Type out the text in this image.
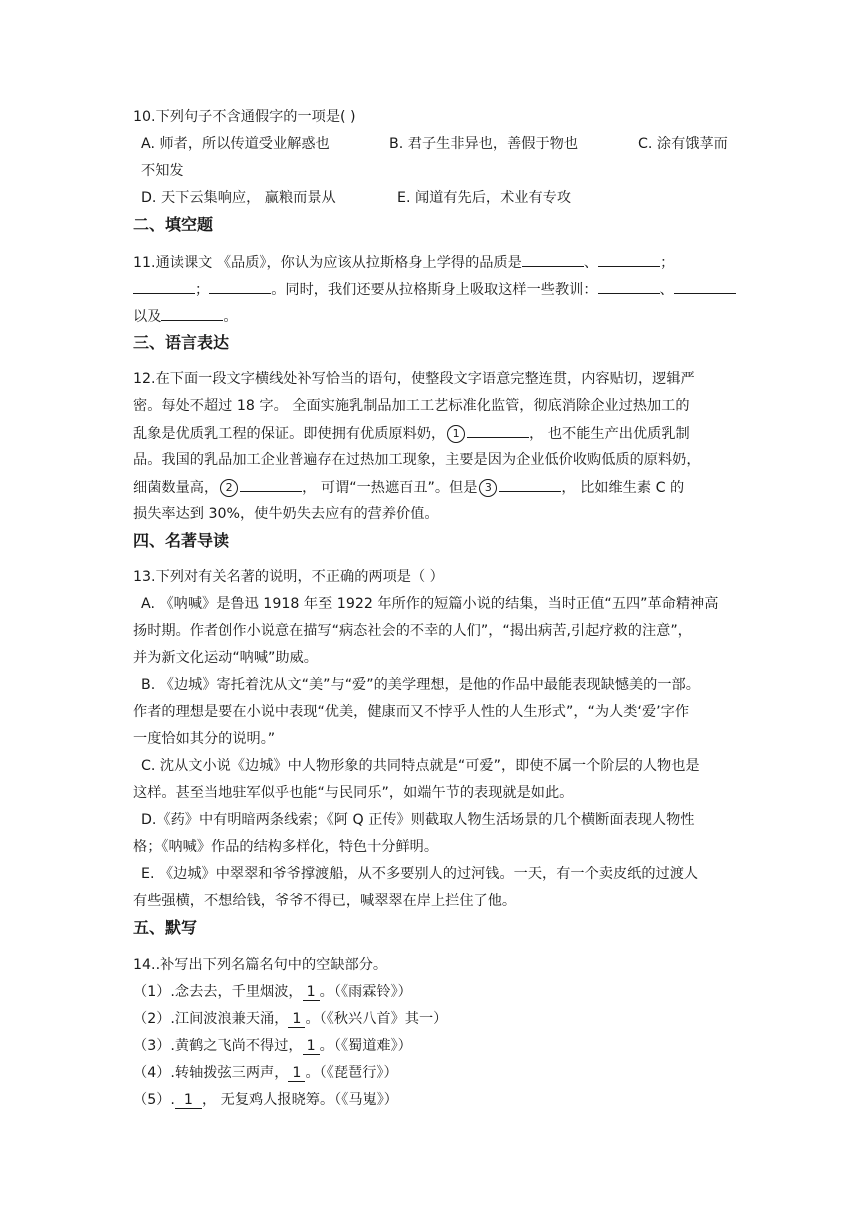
10.下列句子不含通假字的一项是( )
A. 师者，所以传道受业解惑也	B. 君子生非异也，善假于物也	C. 涂有饿莩而
不知发
D. 天下云集响应， 赢粮而景从	E. 闻道有先后，术业有专攻
二、填空题
11.通读课文 《品质》，你认为应该从拉斯格身上学得的品质是	、	；
；	。同时，我们还要从拉格斯身上吸取这样一些教训：	、
以及	。
三、语言表达
12.在下面一段文字横线处补写恰当的语句，使整段文字语意完整连贯，内容贴切，逻辑严
密。每处不超过 18 字。 全面实施乳制品加工工艺标准化监管，彻底消除企业过热加工的
乱象是优质乳工程的保证。即使拥有优质原料奶， 1	， 也不能生产出优质乳制
品。我国的乳品加工企业普遍存在过热加工现象，主要是因为企业低价收购低质的原料奶，
细菌数量高， 2	， 可谓“一热遮百丑”。但是 3	， 比如维生素 C 的
损失率达到 30%，使牛奶失去应有的营养价值。
四、名著导读
13.下列对有关名著的说明，不正确的两项是（ ）
A. 《呐喊》是鲁迅 1918 年至 1922 年所作的短篇小说的结集，当时正值“五四”革命精神高
扬时期。作者创作小说意在描写“病态社会的不幸的人们”，“揭出病苦,引起疗救的注意”，
并为新文化运动“呐喊”助威。
B. 《边城》寄托着沈从文“美”与“爱”的美学理想，是他的作品中最能表现缺憾美的一部。
作者的理想是要在小说中表现“优美，健康而又不悖乎人性的人生形式”，“为人类‘爱’字作
一度恰如其分的说明。”
C. 沈从文小说《边城》中人物形象的共同特点就是“可爱”，即使不属一个阶层的人物也是
这样。甚至当地驻军似乎也能“与民同乐”，如端午节的表现就是如此。
D.《药》中有明暗两条线索；《阿 Q 正传》则截取人物生活场景的几个横断面表现人物性
格；《呐喊》作品的结构多样化，特色十分鲜明。
E. 《边城》中翠翠和爷爷撑渡船，从不多要别人的过河钱。一天，有一个卖皮纸的过渡人
有些强横，不想给钱，爷爷不得已，喊翠翠在岸上拦住了他。
五、默写
14..补写出下列名篇名句中的空缺部分。
（1）.念去去，千里烟波， 1 。（《雨霖铃》）
（2）.江间波浪兼天涌， 1 。（《秋兴八首》其一）
（3）.黄鹤之飞尚不得过， 1 。（《蜀道难》）
（4）.转轴拨弦三两声， 1 。（《琵琶行》）
（5）. 1 ， 无复鸡人报晓筹。（《马嵬》）
